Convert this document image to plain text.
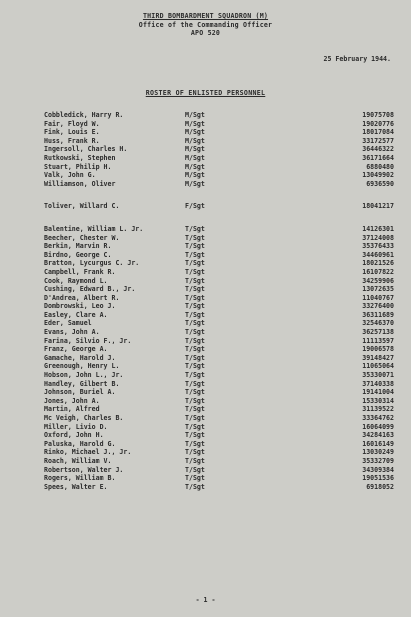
THIRD BOMBARDMENT SQUADRON (M)
Office of the Commanding Officer
APO 520
25 February 1944.
ROSTER OF ENLISTED PERSONNEL
Cobbledick, Harry R.	M/Sgt	19075708
Fair, Floyd W.	M/Sgt	19020776
Fink, Louis E.	M/Sgt	18017084
Huss, Frank R.	M/Sgt	33172577
Ingersoll, Charles H.	M/Sgt	36446322
Rutkowski, Stephen	M/Sgt	36171664
Stuart, Philip H.	M/Sgt	6880480
Valk, John G.	M/Sgt	13049902
Williamson, Oliver	M/Sgt	6936590
Toliver, Willard C.	F/Sgt	18041217
Balentine, William L. Jr.	T/Sgt	14126301
Beecher, Chester W.	T/Sgt	37124008
Berkin, Marvin R.	T/Sgt	35376433
Birdno, George C.	T/Sgt	34460961
Bratton, Lycurgus C. Jr.	T/Sgt	18021526
Campbell, Frank R.	T/Sgt	16107822
Cook, Raymond L.	T/Sgt	34259906
Cushing, Edward B., Jr.	T/Sgt	13072635
D'Andrea, Albert R.	T/Sgt	11040767
Dombrowski, Leo J.	T/Sgt	33276400
Easley, Clare A.	T/Sgt	36311689
Eder, Samuel	T/Sgt	32546370
Evans, John A.	T/Sgt	36257138
Farina, Silvio F., Jr.	T/Sgt	11113597
Franz, George A.	T/Sgt	19006578
Gamache, Harold J.	T/Sgt	39148427
Greenough, Henry L.	T/Sgt	11065064
Hobson, John L., Jr.	T/Sgt	35330071
Handley, Gilbert B.	T/Sgt	37140338
Johnson, Buriel A.	T/Sgt	19141004
Jones, John A.	T/Sgt	15330314
Martin, Alfred	T/Sgt	31139522
Mc Veigh, Charles B.	T/Sgt	33364762
Miller, Livio D.	T/Sgt	16064099
Oxford, John H.	T/Sgt	34284163
Paluska, Harold G.	T/Sgt	16016149
Rinko, Michael J., Jr.	T/Sgt	13030249
Roach, William V.	T/Sgt	35332709
Robertson, Walter J.	T/Sgt	34309384
Rogers, William B.	T/Sgt	19051536
Spees, Walter E.	T/Sgt	6918052
- 1 -
